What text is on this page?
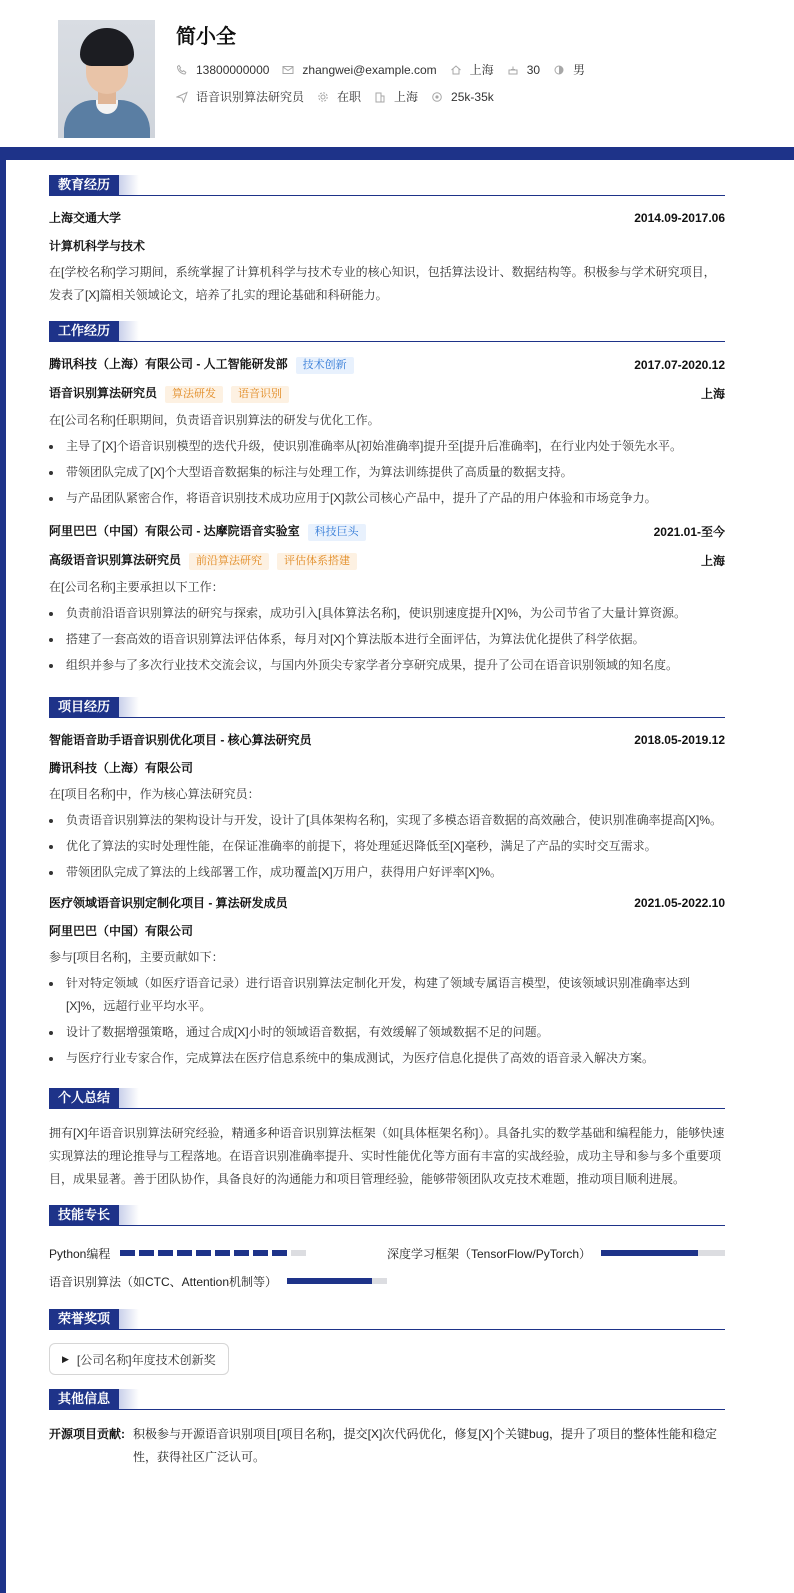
简小全
13800000000	zhangwei@example.com	上海	30	男
语音识别算法研究员	在职	上海	25k-35k
教育经历
上海交通大学	2014.09-2017.06
计算机科学与技术
在[学校名称]学习期间，系统掌握了计算机科学与技术专业的核心知识，包括算法设计、数据结构等。积极参与学术研究项目，发表了[X]篇相关领域论文，培养了扎实的理论基础和科研能力。
工作经历
腾讯科技（上海）有限公司 - 人工智能研发部 技术创新	2017.07-2020.12
语音识别算法研究员 算法研发 语音识别	上海
在[公司名称]任职期间，负责语音识别算法的研发与优化工作。
主导了[X]个语音识别模型的迭代升级，使识别准确率从[初始准确率]提升至[提升后准确率]，在行业内处于领先水平。
带领团队完成了[X]个大型语音数据集的标注与处理工作，为算法训练提供了高质量的数据支持。
与产品团队紧密合作，将语音识别技术成功应用于[X]款公司核心产品中，提升了产品的用户体验和市场竞争力。
阿里巴巴（中国）有限公司 - 达摩院语音实验室 科技巨头	2021.01-至今
高级语音识别算法研究员 前沿算法研究 评估体系搭建	上海
在[公司名称]主要承担以下工作：
负责前沿语音识别算法的研究与探索，成功引入[具体算法名称]，使识别速度提升[X]%，为公司节省了大量计算资源。
搭建了一套高效的语音识别算法评估体系，每月对[X]个算法版本进行全面评估，为算法优化提供了科学依据。
组织并参与了多次行业技术交流会议，与国内外顶尖专家学者分享研究成果，提升了公司在语音识别领域的知名度。
项目经历
智能语音助手语音识别优化项目 - 核心算法研究员	2018.05-2019.12
腾讯科技（上海）有限公司
在[项目名称]中，作为核心算法研究员：
负责语音识别算法的架构设计与开发，设计了[具体架构名称]，实现了多模态语音数据的高效融合，使识别准确率提高[X]%。
优化了算法的实时处理性能，在保证准确率的前提下，将处理延迟降低至[X]毫秒，满足了产品的实时交互需求。
带领团队完成了算法的上线部署工作，成功覆盖[X]万用户，获得用户好评率[X]%。
医疗领域语音识别定制化项目 - 算法研发成员	2021.05-2022.10
阿里巴巴（中国）有限公司
参与[项目名称]，主要贡献如下：
针对特定领域（如医疗语音记录）进行语音识别算法定制化开发，构建了领域专属语言模型，使该领域识别准确率达到[X]%，远超行业平均水平。
设计了数据增强策略，通过合成[X]小时的领域语音数据，有效缓解了领域数据不足的问题。
与医疗行业专家合作，完成算法在医疗信息系统中的集成测试，为医疗信息化提供了高效的语音录入解决方案。
个人总结
拥有[X]年语音识别算法研究经验，精通多种语音识别算法框架（如[具体框架名称]）。具备扎实的数学基础和编程能力，能够快速实现算法的理论推导与工程落地。在语音识别准确率提升、实时性能优化等方面有丰富的实战经验，成功主导和参与多个重要项目，成果显著。善于团队协作，具备良好的沟通能力和项目管理经验，能够带领团队攻克技术难题，推动项目顺利进展。
技能专长
Python编程	深度学习框架（TensorFlow/PyTorch）
语音识别算法（如CTC、Attention机制等）
荣誉奖项
▶ [公司名称]年度技术创新奖
其他信息
开源项目贡献: 积极参与开源语音识别项目[项目名称]，提交[X]次代码优化，修复[X]个关键bug，提升了项目的整体性能和稳定性，获得社区广泛认可。
